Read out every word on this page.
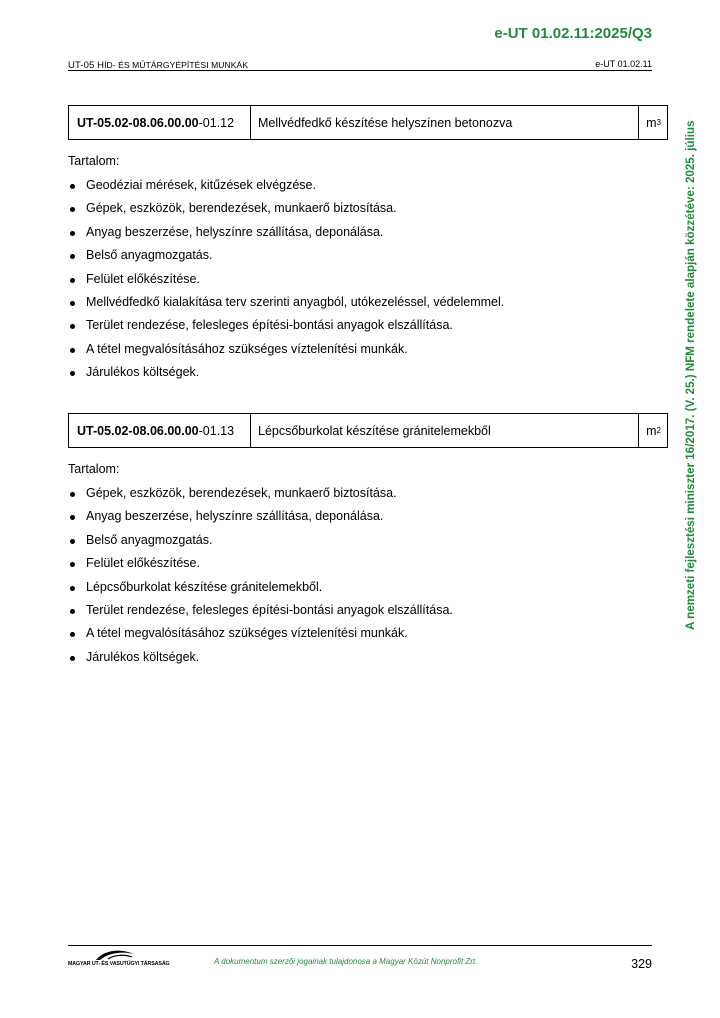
e-UT 01.02.11:2025/Q3
UT-05 HÍD- ÉS MŰTÁRGYÉPÍTÉSI MUNKÁK	e-UT 01.02.11
A nemzeti fejlesztési miniszter 16/2017. (V. 25.) NFM rendelete alapján közzétéve: 2025. július
UT-05.02-08.06.00.00 -01.12	Mellvédfedkő készítése helyszínen betonozva	m 3
Tartalom:
Geodéziai mérések, kitűzések elvégzése.
Gépek, eszközök, berendezések, munkaerő biztosítása.
Anyag beszerzése, helyszínre szállítása, deponálása.
Belső anyagmozgatás.
Felület előkészítése.
Mellvédfedkő kialakítása terv szerinti anyagból, utókezeléssel, védelemmel.
Terület rendezése, felesleges építési-bontási anyagok elszállítása.
A tétel megvalósításához szükséges víztelenítési munkák.
Járulékos költségek.
UT-05.02-08.06.00.00 -01.13	Lépcsőburkolat készítése gránitelemekből	m 2
Tartalom:
Gépek, eszközök, berendezések, munkaerő biztosítása.
Anyag beszerzése, helyszínre szállítása, deponálása.
Belső anyagmozgatás.
Felület előkészítése.
Lépcsőburkolat készítése gránitelemekből.
Terület rendezése, felesleges építési-bontási anyagok elszállítása.
A tétel megvalósításához szükséges víztelenítési munkák.
Járulékos költségek.
MAGYAR UT- ÉS VASUTÜGYI TÁRSASÁG	A dokumentum szerzői jogainak tulajdonosa a Magyar Közút Nonprofit Zrt.	329
